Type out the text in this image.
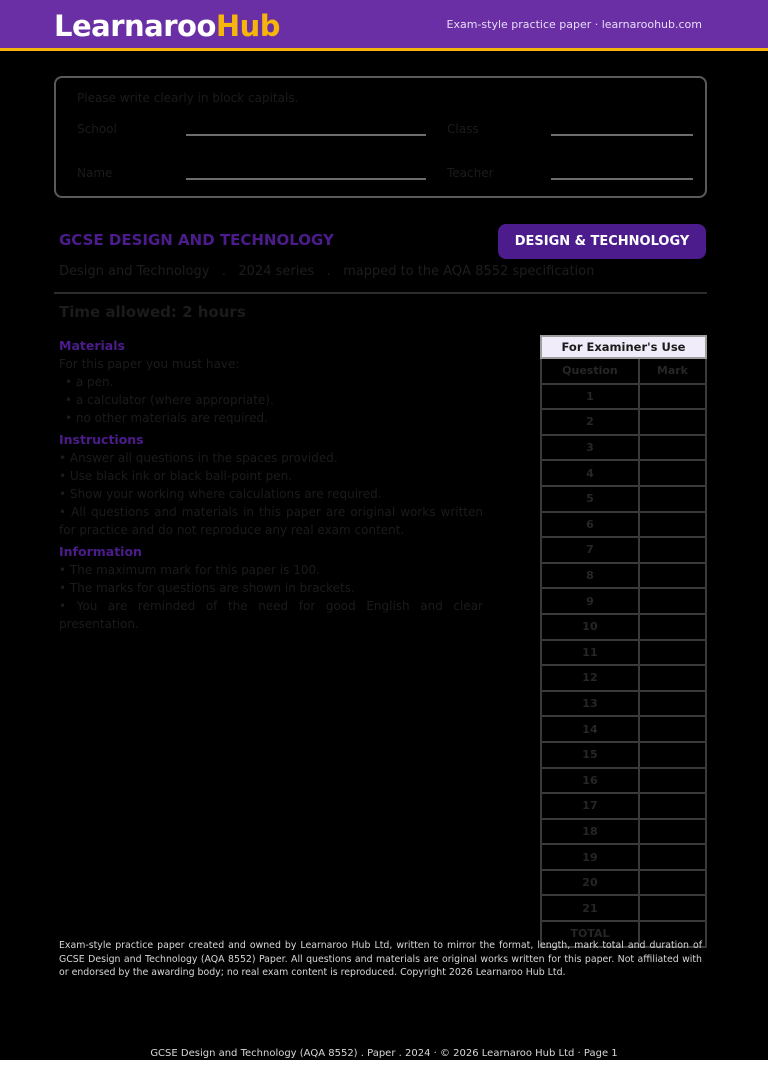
LearnarooHub	Exam-style practice paper · learnaroohub.com
Please write clearly in block capitals.
School	Class
Name	Teacher
GCSE DESIGN AND TECHNOLOGY	DESIGN & TECHNOLOGY
Design and Technology . 2024 series . mapped to the AQA 8552 specification
Time allowed: 2 hours
Materials
For this paper you must have:
• a pen.
• a calculator (where appropriate).
• no other materials are required.
Instructions
• Answer all questions in the spaces provided.
• Use black ink or black ball-point pen.
• Show your working where calculations are required.
• All questions and materials in this paper are original works written for practice and do not reproduce any real exam content.
Information
• The maximum mark for this paper is 100.
• The marks for questions are shown in brackets.
• You are reminded of the need for good English and clear presentation.
For Examiner's Use	
Question	Mark
1	
2	
3	
4	
5	
6	
7	
8	
9	
10	
11	
12	
13	
14	
15	
16	
17	
18	
19	
20	
21	
TOTAL	
Exam-style practice paper created and owned by Learnaroo Hub Ltd, written to mirror the format, length, mark total and duration of GCSE Design and Technology (AQA 8552) Paper. All questions and materials are original works written for this paper. Not affiliated with or endorsed by the awarding body; no real exam content is reproduced. Copyright 2026 Learnaroo Hub Ltd.
GCSE Design and Technology (AQA 8552) . Paper . 2024 · © 2026 Learnaroo Hub Ltd · Page 1
